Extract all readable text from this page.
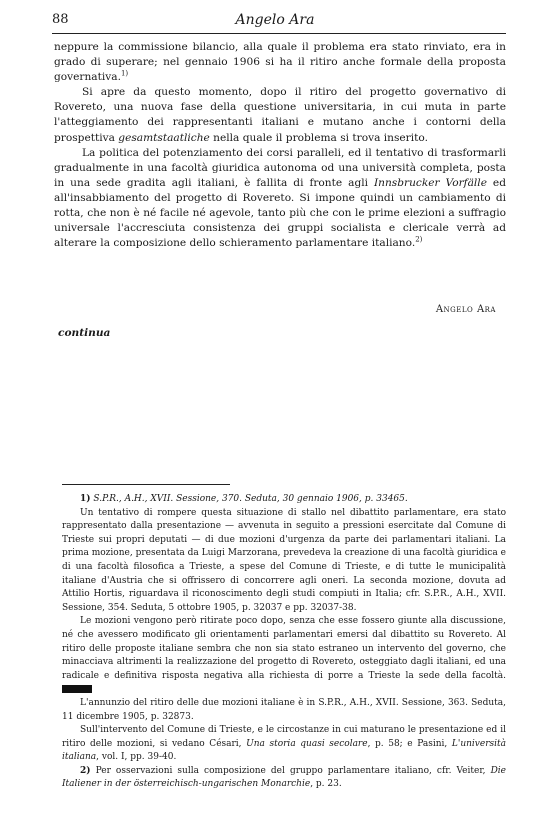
88	Angelo Ara

neppure la commissione bilancio, alla quale il problema era stato rinviato, era in grado di superare; nel gennaio 1906 si ha il ritiro anche formale della proposta governativa.$^{1)}$

Si apre da questo momento, dopo il ritiro del progetto governativo di Rovereto, una nuova fase della questione universitaria, in cui muta in parte l'atteggiamento dei rappresentanti italiani e mutano anche i contorni della prospettiva gesamtstaatliche nella quale il problema si trova inserito.

La politica del potenziamento dei corsi paralleli, ed il tentativo di trasformarli gradualmente in una facoltà giuridica autonoma od una università completa, posta in una sede gradita agli italiani, è fallita di fronte agli Innsbrucker Vorfälle ed all'insabbiamento del progetto di Rovereto. Si impone quindi un cambiamento di rotta, che non è né facile né agevole, tanto più che con le prime elezioni a suffragio universale l'accresciuta consistenza dei gruppi socialista e clericale verrà ad alterare la composizione dello schieramento parlamentare italiano.$^{2)}$

Angelo Ara
continua

1) S.P.R., A.H., XVII. Sessione, 370. Seduta, 30 gennaio 1906, p. 33465.

Un tentativo di rompere questa situazione di stallo nel dibattito parlamentare, era stato rappresentato dalla presentazione — avvenuta in seguito a pressioni esercitate dal Comune di Trieste sui propri deputati — di due mozioni d'urgenza da parte dei parlamentari italiani. La prima mozione, presentata da Luigi Marzorana, prevedeva la creazione di una facoltà giuridica e di una facoltà filosofica a Trieste, a spese del Comune di Trieste, e di tutte le municipalità italiane d'Austria che si offrissero di concorrere agli oneri. La seconda mozione, dovuta ad Attilio Hortis, riguardava il riconoscimento degli studi compiuti in Italia; cfr. S.P.R., A.H., XVII. Sessione, 354. Seduta, 5 ottobre 1905, p. 32037 e pp. 32037-38.

Le mozioni vengono però ritirate poco dopo, senza che esse fossero giunte alla discussione, né che avessero modificato gli orientamenti parlamentari emersi dal dibattito su Rovereto. Al ritiro delle proposte italiane sembra che non sia stato estraneo un intervento del governo, che minacciava altrimenti la realizzazione del progetto di Rovereto, osteggiato dagli italiani, ed una radicale e definitiva risposta negativa alla richiesta di porre a Trieste la sede della facoltà.

L'annunzio del ritiro delle due mozioni italiane è in S.P.R., A.H., XVII. Sessione, 363. Seduta, 11 dicembre 1905, p. 32873.

Sull'intervento del Comune di Trieste, e le circostanze in cui maturano le presentazione ed il ritiro delle mozioni, si vedano Césari, Una storia quasi secolare, p. 58; e Pasini, L'università italiana, vol. I, pp. 39-40.

2) Per osservazioni sulla composizione del gruppo parlamentare italiano, cfr. Veiter, Die Italiener in der österreichisch-ungarischen Monarchie, p. 23.
